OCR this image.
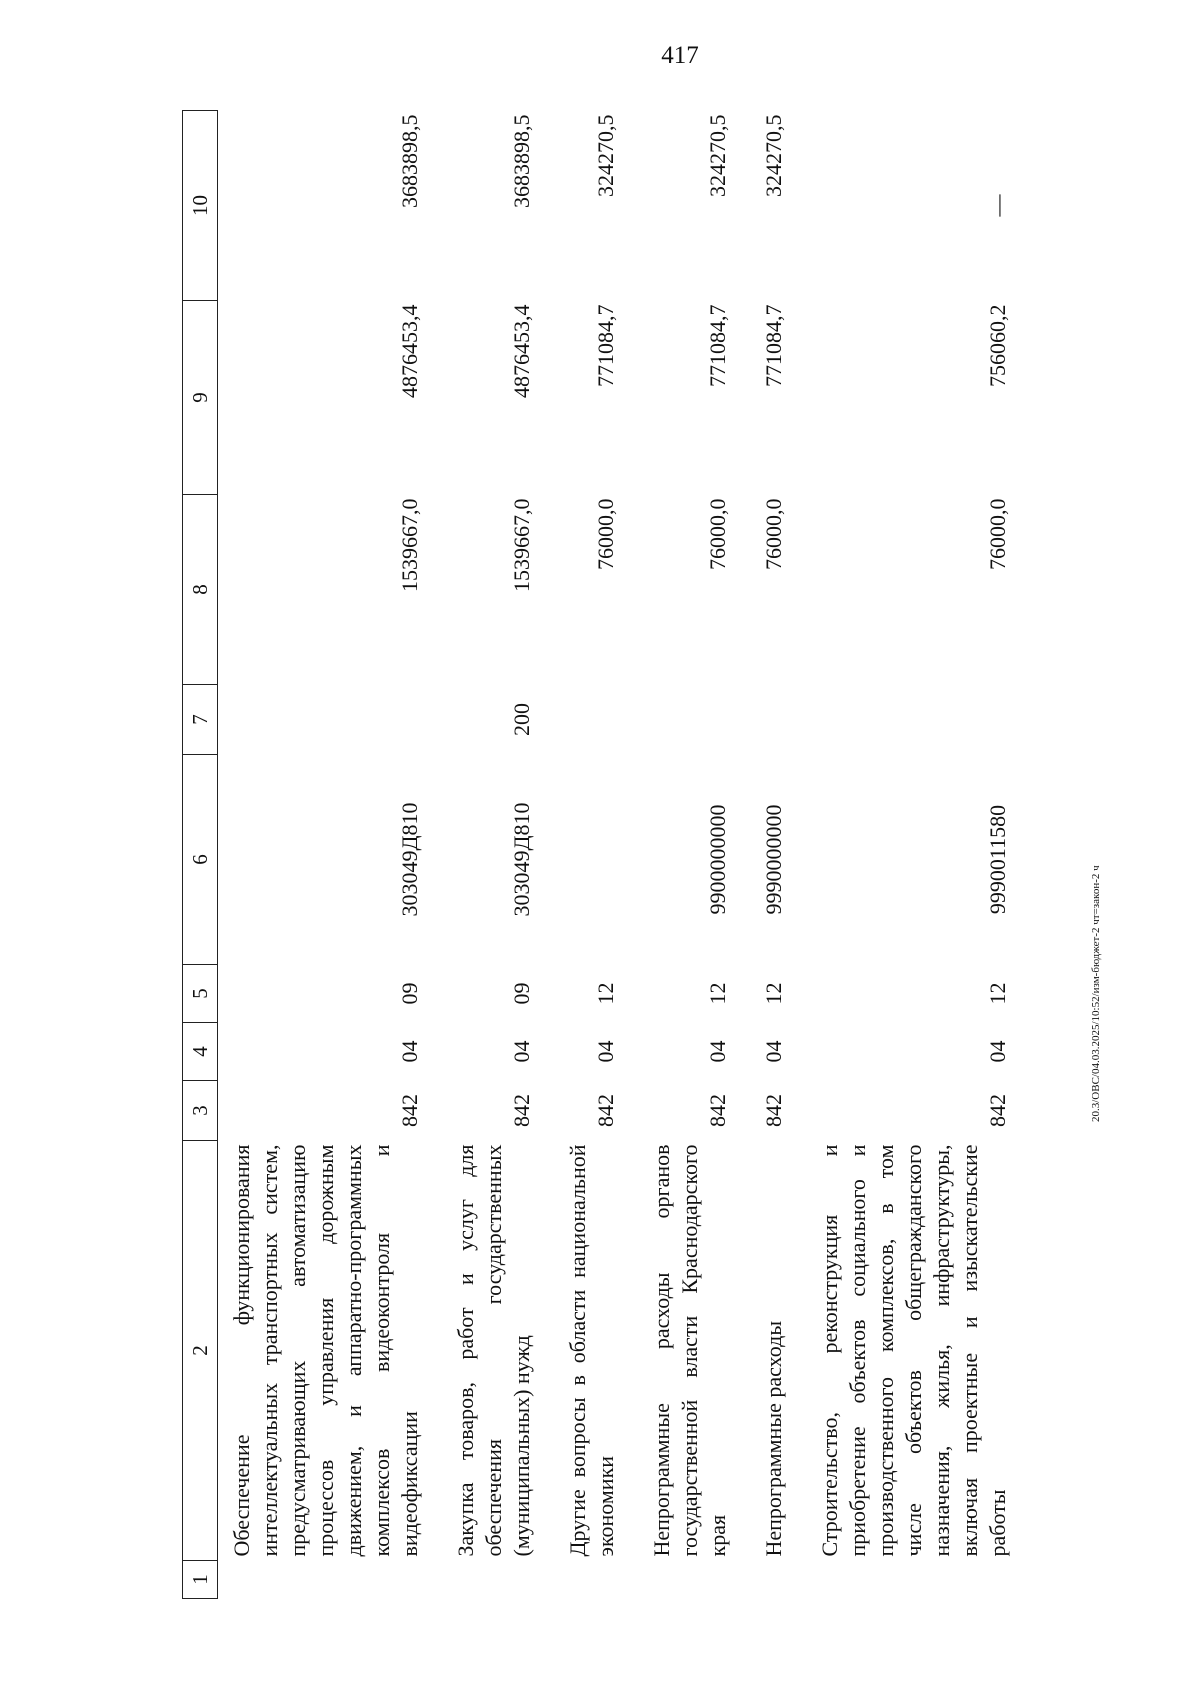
417
1	2	3	4	5	6	7	8	9	10
	Обеспечение функционирования интеллектуальных транспортных систем, предусматривающих автоматизацию процессов управления дорожным движением, и аппаратно-программных комплексов видеоконтроля и видеофиксации	842	04	09	303049Д810		1539667,0	4876453,4	3683898,5
	Закупка товаров, работ и услуг для обеспечения государственных (муниципальных) нужд	842	04	09	303049Д810	200	1539667,0	4876453,4	3683898,5
	Другие вопросы в области национальной экономики	842	04	12			76000,0	771084,7	324270,5
	Непрограммные расходы органов государственной власти Краснодарского края	842	04	12	9900000000		76000,0	771084,7	324270,5
	Непрограммные расходы	842	04	12	9990000000		76000,0	771084,7	324270,5
	Строительство, реконструкция и приобретение объектов социального и производственного комплексов, в том числе объектов общегражданского назначения, жилья, инфраструктуры, включая проектные и изыскательские работы	842	04	12	9990011580		76000,0	756060,2	—
20.3/ОВС/04.03.2025/10:52/изм-бюджет-2 чт=закон-2 ч
